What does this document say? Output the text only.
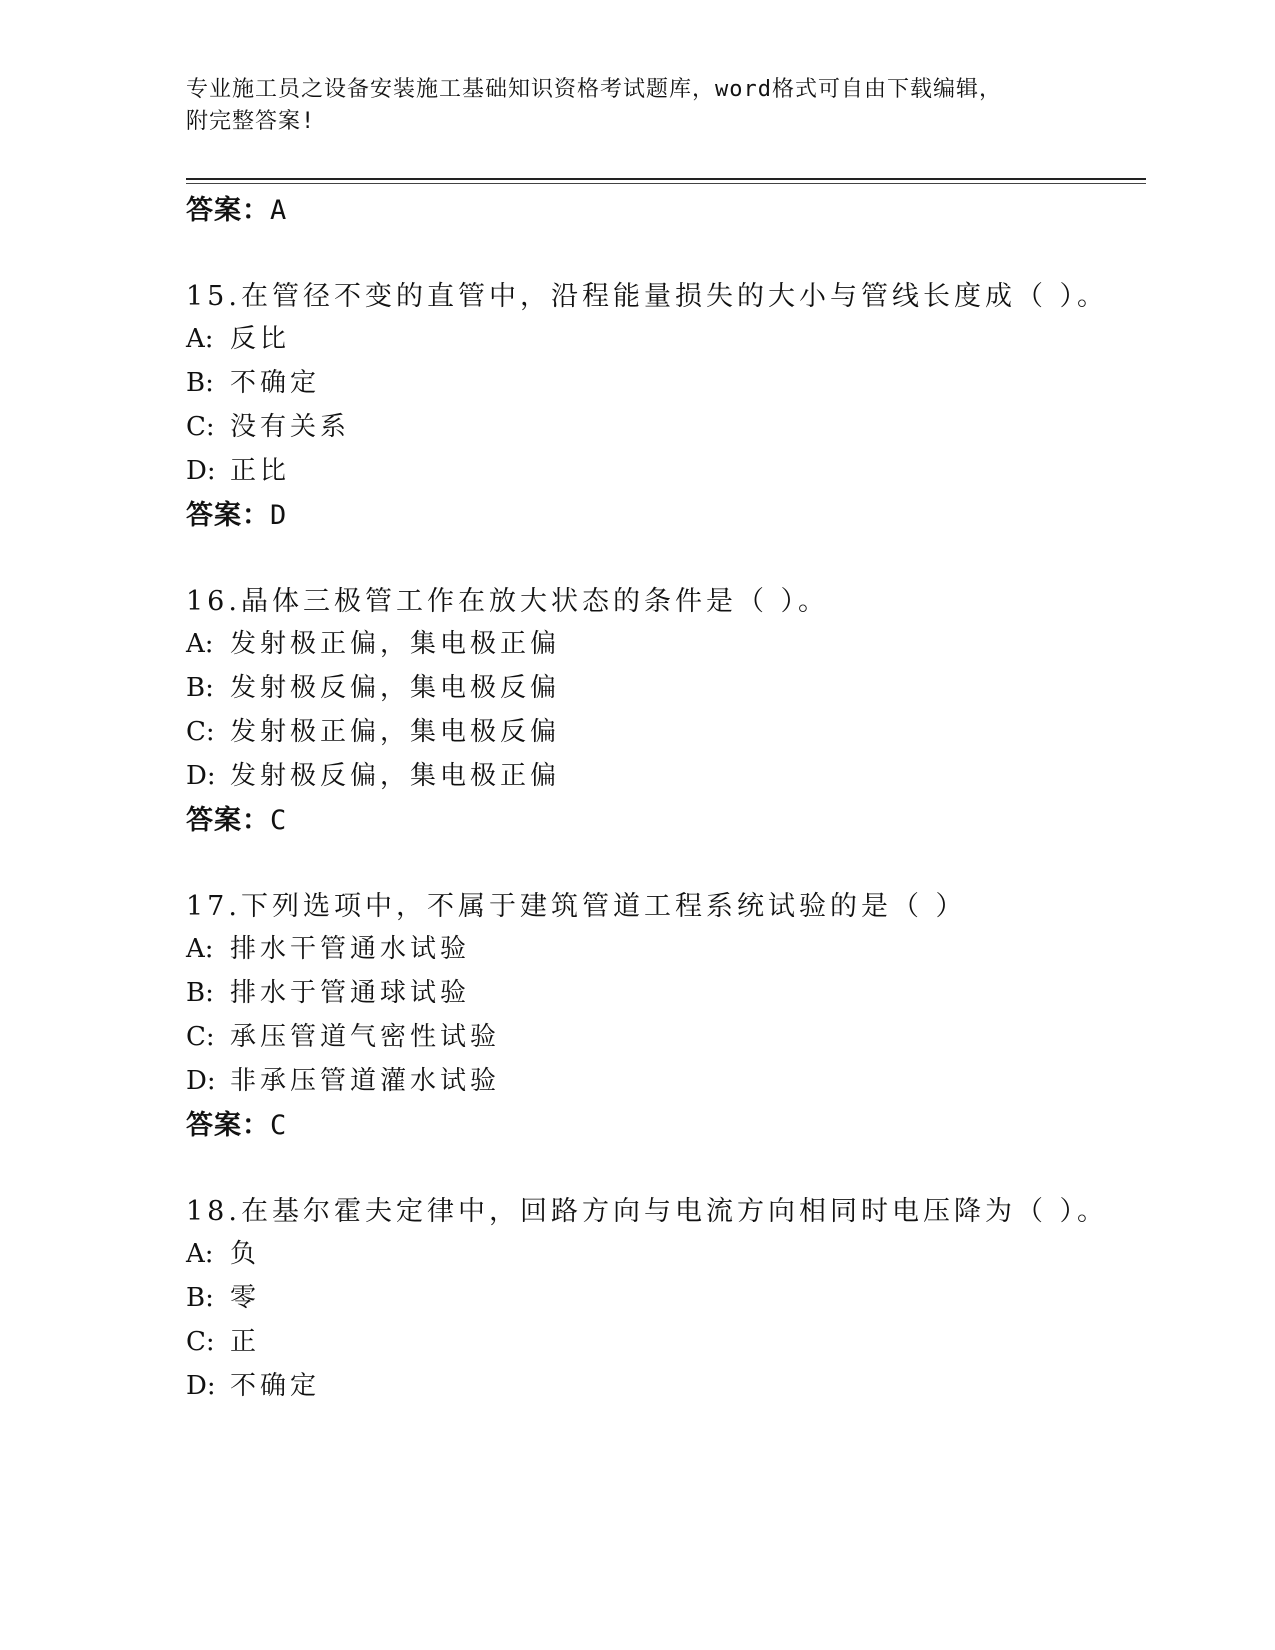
专业施工员之设备安装施工基础知识资格考试题库，word格式可自由下载编辑，
附完整答案!
答案：A
15.在管径不变的直管中，沿程能量损失的大小与管线长度成（ ）。
A: 反比
B: 不确定
C: 没有关系
D: 正比
答案：D
16.晶体三极管工作在放大状态的条件是（ ）。
A: 发射极正偏，集电极正偏
B: 发射极反偏，集电极反偏
C: 发射极正偏，集电极反偏
D: 发射极反偏，集电极正偏
答案：C
17.下列选项中，不属于建筑管道工程系统试验的是（ ）
A: 排水干管通水试验
B: 排水于管通球试验
C: 承压管道气密性试验
D: 非承压管道灌水试验
答案：C
18.在基尔霍夫定律中，回路方向与电流方向相同时电压降为（ ）。
A: 负
B: 零
C: 正
D: 不确定
